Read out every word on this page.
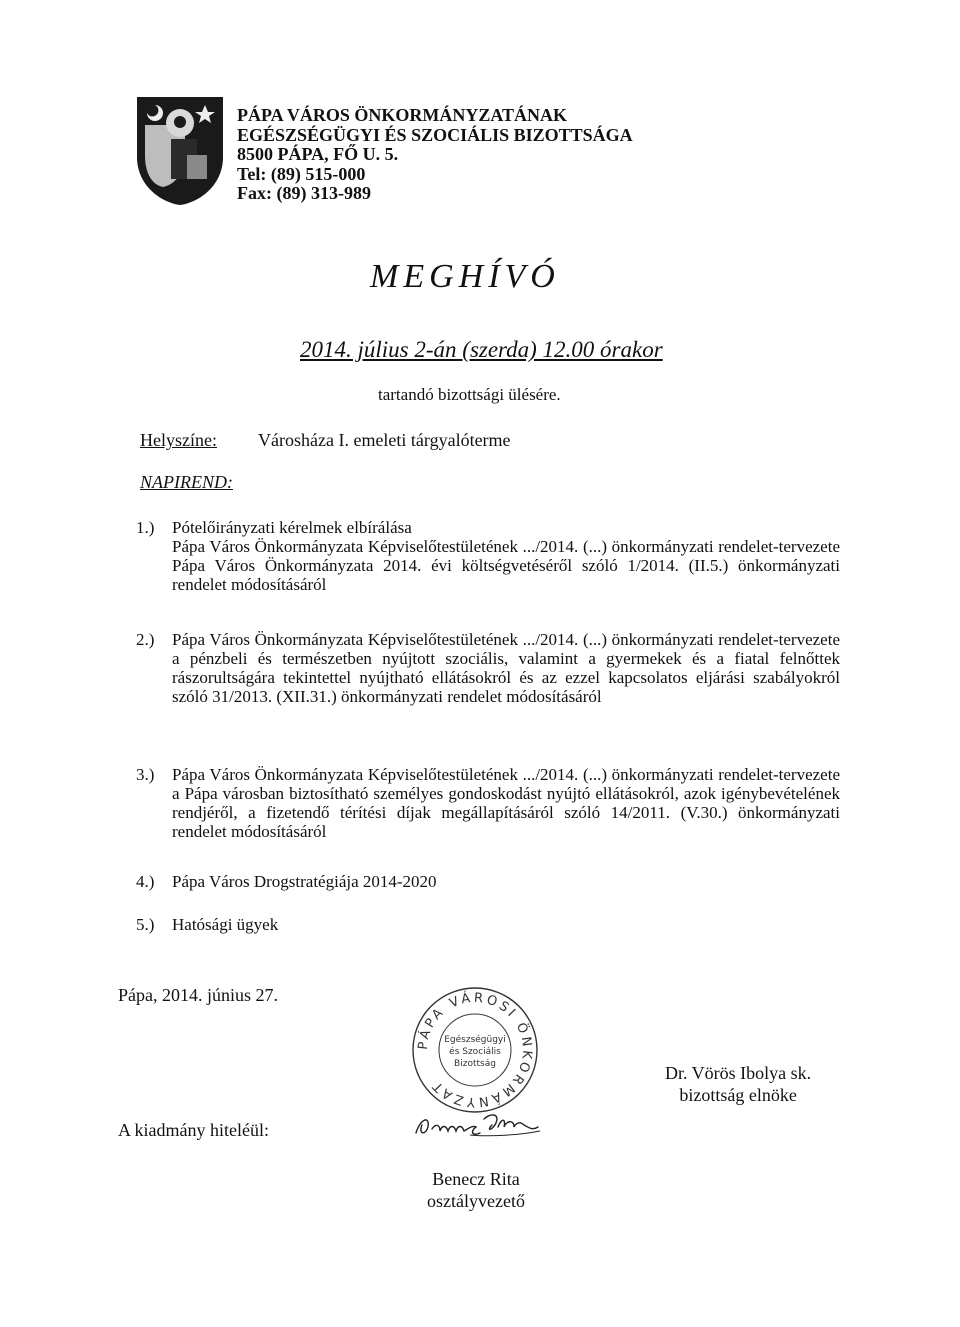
PÁPA VÁROS ÖNKORMÁNYZATÁNAK
EGÉSZSÉGÜGYI ÉS SZOCIÁLIS BIZOTTSÁGA
8500 PÁPA, FŐ U. 5.
Tel: (89) 515-000
Fax: (89) 313-989
MEGHÍVÓ
2014. július 2-án (szerda) 12.00 órakor
tartandó bizottsági ülésére.
Helyszíne: Városháza I. emeleti tárgyalóterme
NAPIREND:
1.) Pótelőirányzati kérelmek elbírálása
Pápa Város Önkormányzata Képviselőtestületének .../2014. (...) önkormányzati rendelet-tervezete Pápa Város Önkormányzata 2014. évi költségvetéséről szóló 1/2014. (II.5.) önkormányzati rendelet módosításáról
2.) Pápa Város Önkormányzata Képviselőtestületének .../2014. (...) önkormányzati rendelet-tervezete a pénzbeli és természetben nyújtott szociális, valamint a gyermekek és a fiatal felnőttek rászorultságára tekintettel nyújtható ellátásokról és az ezzel kapcsolatos eljárási szabályokról szóló 31/2013. (XII.31.) önkormányzati rendelet módosításáról
3.) Pápa Város Önkormányzata Képviselőtestületének .../2014. (...) önkormányzati rendelet-tervezete a Pápa városban biztosítható személyes gondoskodást nyújtó ellátásokról, azok igénybevételének rendjéről, a fizetendő térítési díjak megállapításáról szóló 14/2011. (V.30.) önkormányzati rendelet módosításáról
4.) Pápa Város Drogstratégiája 2014-2020
5.) Hatósági ügyek
Pápa, 2014. június 27.
PÁPA VÁROSI ÖNKORMÁNYZAT
Egészségügyi
és Szociális
Bizottság	Dr. Vörös Ibolya sk.
bizottság elnöke
A kiadmány hiteléül:
Benecz Rita
osztályvezető
